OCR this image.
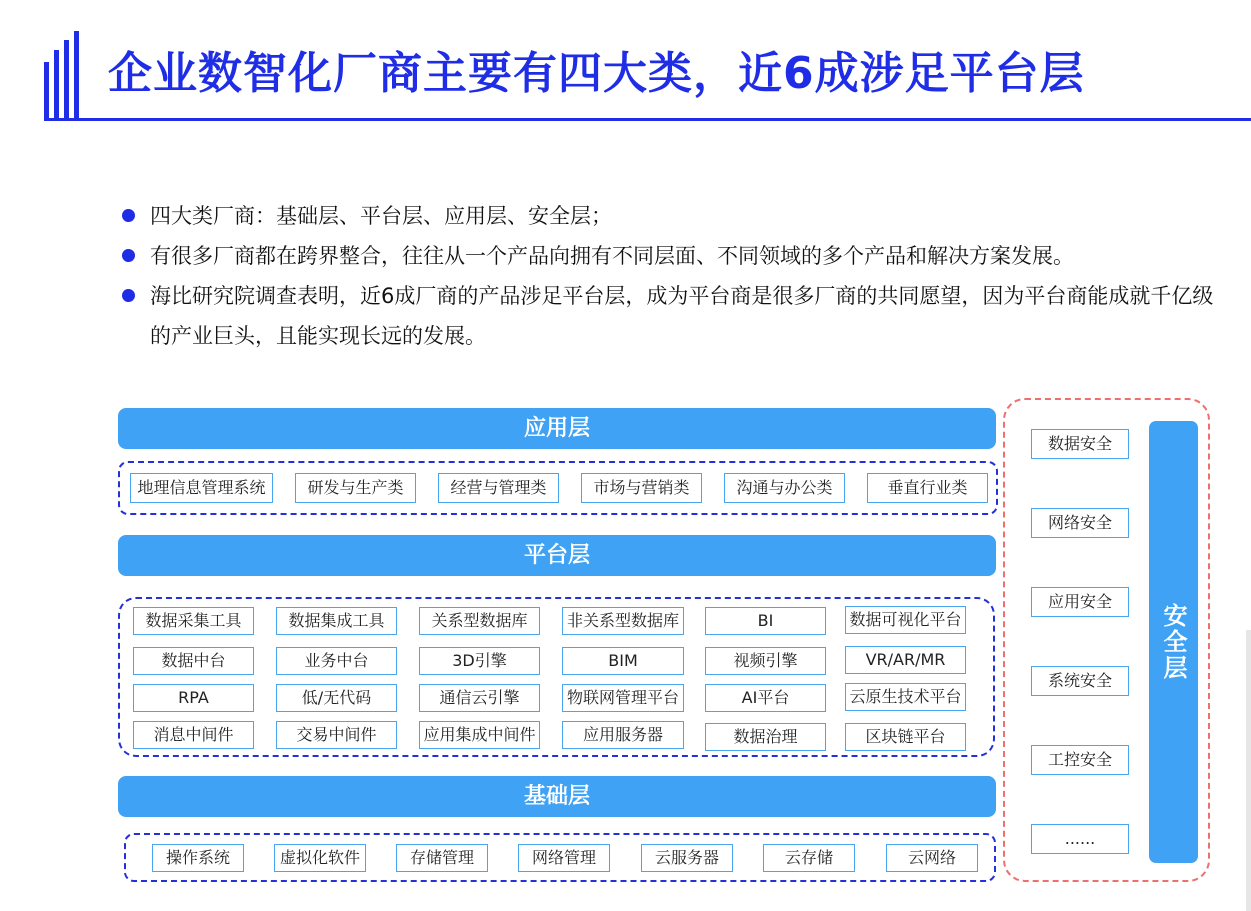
企业数智化厂商主要有四大类，近6成涉足平台层
四大类厂商：基础层、平台层、应用层、安全层；
有很多厂商都在跨界整合，往往从一个产品向拥有不同层面、不同领域的多个产品和解决方案发展。
海比研究院调查表明，近6成厂商的产品涉足平台层，成为平台商是很多厂商的共同愿望，因为平台商能成就千亿级的产业巨头，且能实现长远的发展。
应用层
地理信息管理系统	研发与生产类	经营与管理类	市场与营销类	沟通与办公类	垂直行业类
平台层
数据采集工具	数据集成工具	关系型数据库	非关系型数据库	BI	数据可视化平台
数据中台	业务中台	3D引擎	BIM	视频引擎	VR/AR/MR
RPA	低/无代码	通信云引擎	物联网管理平台	AI平台	云原生技术平台
消息中间件	交易中间件	应用集成中间件	应用服务器	数据治理	区块链平台
基础层
操作系统	虚拟化软件	存储管理	网络管理	云服务器	云存储	云网络
数据安全
网络安全
应用安全
系统安全
工控安全
......
安全层
